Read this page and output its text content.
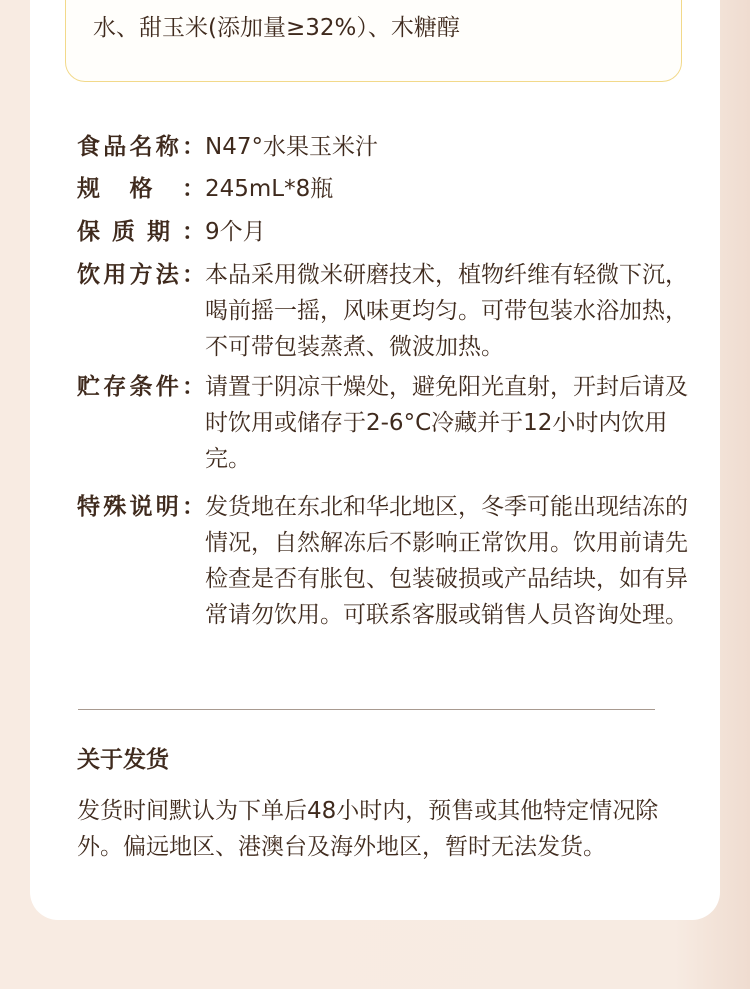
水、甜玉米(添加量≥32%）、木糖醇
食 品 名 称 ： N47°水果玉米汁
规 格 ： 245mL*8瓶
保 质 期 ： 9个月
饮 用 方 法 ： 本品采用微米研磨技术，植物纤维有轻微下沉，喝前摇一摇，风味更均匀。可带包装水浴加热，不可带包装蒸煮、微波加热。
贮 存 条 件 ： 请置于阴凉干燥处，避免阳光直射，开封后请及时饮用或储存于2-6°C冷藏并于12小时内饮用完。
特 殊 说 明 ： 发货地在东北和华北地区，冬季可能出现结冻的情况，自然解冻后不影响正常饮用。饮用前请先检查是否有胀包、包装破损或产品结块，如有异常请勿饮用。可联系客服或销售人员咨询处理。
关于发货
发货时间默认为下单后48小时内，预售或其他特定情况除外。偏远地区、港澳台及海外地区，暂时无法发货。
